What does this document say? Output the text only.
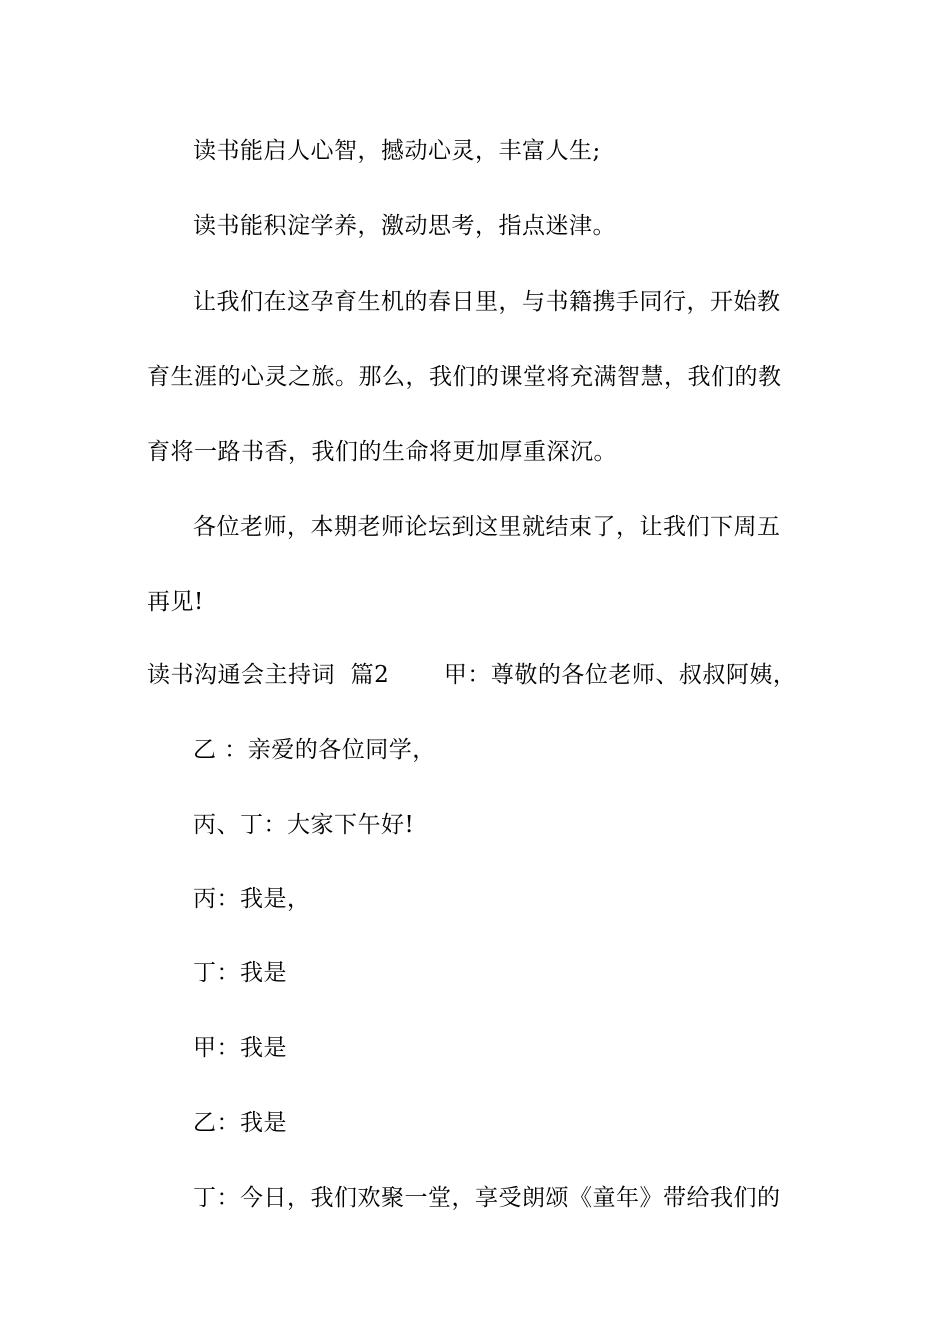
读书能启人心智，撼动心灵，丰富人生;
读书能积淀学养，激动思考，指点迷津。
让我们在这孕育生机的春日里，与书籍携手同行，开始教
育生涯的心灵之旅。那么，我们的课堂将充满智慧，我们的教
育将一路书香，我们的生命将更加厚重深沉。
各位老师，本期老师论坛到这里就结束了，让我们下周五
再见!
读书沟通会主持词  篇2       甲：尊敬的各位老师、叔叔阿姨，
乙 ：亲爱的各位同学，
丙、丁：大家下午好!
丙：我是，
丁：我是
甲：我是
乙：我是
丁：今日，我们欢聚一堂，享受朗颂《童年》带给我们的
